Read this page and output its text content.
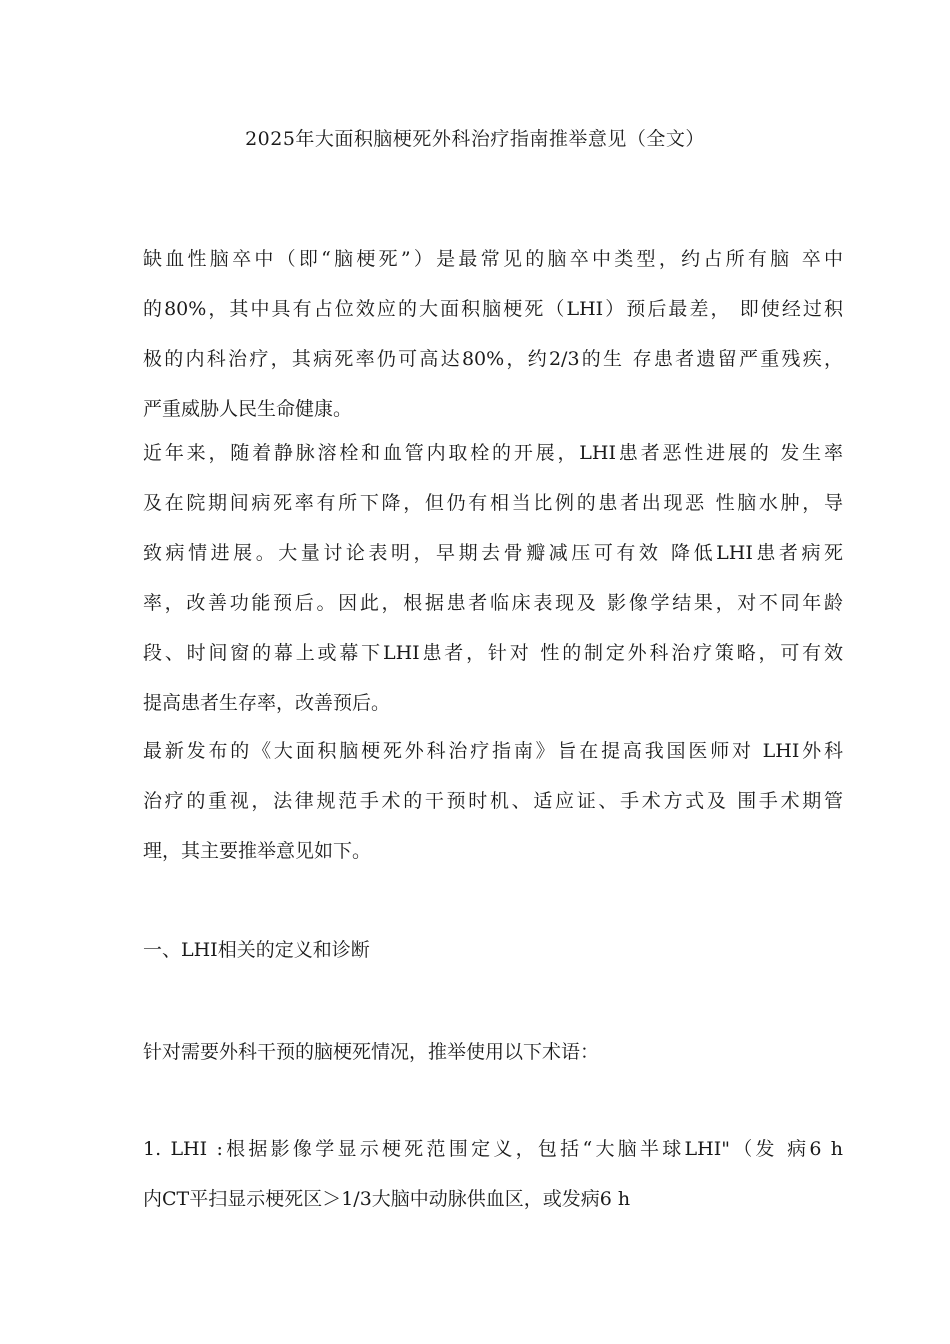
2025年大面积脑梗死外科治疗指南推举意见（全文）
缺血性脑卒中（即“脑梗死”）是最常见的脑卒中类型，约占所有脑 卒中
的80%，其中具有占位效应的大面积脑梗死（LHI）预后最差， 即使经过积
极的内科治疗，其病死率仍可高达80%，约2/3的生 存患者遗留严重残疾，
严重威胁人民生命健康。
近年来，随着静脉溶栓和血管内取栓的开展，LHI患者恶性进展的 发生率
及在院期间病死率有所下降，但仍有相当比例的患者出现恶 性脑水肿，导
致病情进展。大量讨论表明，早期去骨瓣减压可有效 降低LHI患者病死
率，改善功能预后。因此，根据患者临床表现及 影像学结果，对不同年龄
段、时间窗的幕上或幕下LHI患者，针对 性的制定外科治疗策略，可有效
提高患者生存率，改善预后。
最新发布的《大面积脑梗死外科治疗指南》旨在提高我国医师对 LHI外科
治疗的重视，法律规范手术的干预时机、适应证、手术方式及 围手术期管
理，其主要推举意见如下。
一、LHI相关的定义和诊断
针对需要外科干预的脑梗死情况，推举使用以下术语：
1. LHI :根据影像学显示梗死范围定义，包括“大脑半球LHI"（发 病6 h
内CT平扫显示梗死区＞1/3大脑中动脉供血区，或发病6 h
